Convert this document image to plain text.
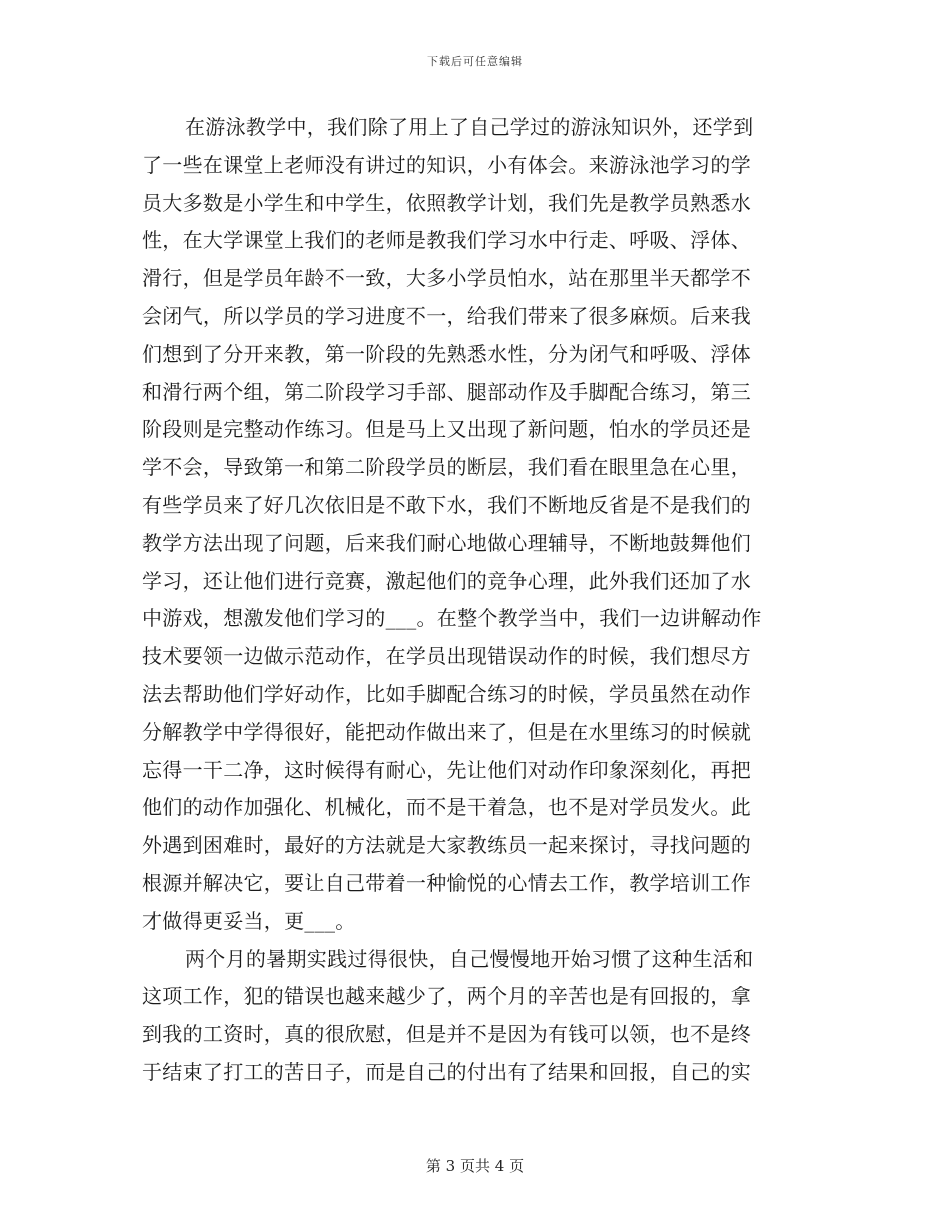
下载后可任意编辑
在游泳教学中，我们除了用上了自己学过的游泳知识外，还学到
了一些在课堂上老师没有讲过的知识，小有体会。来游泳池学习的学
员大多数是小学生和中学生，依照教学计划，我们先是教学员熟悉水
性，在大学课堂上我们的老师是教我们学习水中行走、呼吸、浮体、
滑行，但是学员年龄不一致，大多小学员怕水，站在那里半天都学不
会闭气，所以学员的学习进度不一，给我们带来了很多麻烦。后来我
们想到了分开来教，第一阶段的先熟悉水性，分为闭气和呼吸、浮体
和滑行两个组，第二阶段学习手部、腿部动作及手脚配合练习，第三
阶段则是完整动作练习。但是马上又出现了新问题，怕水的学员还是
学不会，导致第一和第二阶段学员的断层，我们看在眼里急在心里，
有些学员来了好几次依旧是不敢下水，我们不断地反省是不是我们的
教学方法出现了问题，后来我们耐心地做心理辅导，不断地鼓舞他们
学习，还让他们进行竞赛，激起他们的竞争心理，此外我们还加了水
中游戏，想激发他们学习的___。在整个教学当中，我们一边讲解动作
技术要领一边做示范动作，在学员出现错误动作的时候，我们想尽方
法去帮助他们学好动作，比如手脚配合练习的时候，学员虽然在动作
分解教学中学得很好，能把动作做出来了，但是在水里练习的时候就
忘得一干二净，这时候得有耐心，先让他们对动作印象深刻化，再把
他们的动作加强化、机械化，而不是干着急，也不是对学员发火。此
外遇到困难时，最好的方法就是大家教练员一起来探讨，寻找问题的
根源并解决它，要让自己带着一种愉悦的心情去工作，教学培训工作
才做得更妥当，更___。
两个月的暑期实践过得很快，自己慢慢地开始习惯了这种生活和
这项工作，犯的错误也越来越少了，两个月的辛苦也是有回报的，拿
到我的工资时，真的很欣慰，但是并不是因为有钱可以领，也不是终
于结束了打工的苦日子，而是自己的付出有了结果和回报，自己的实
第 3 页共 4 页
